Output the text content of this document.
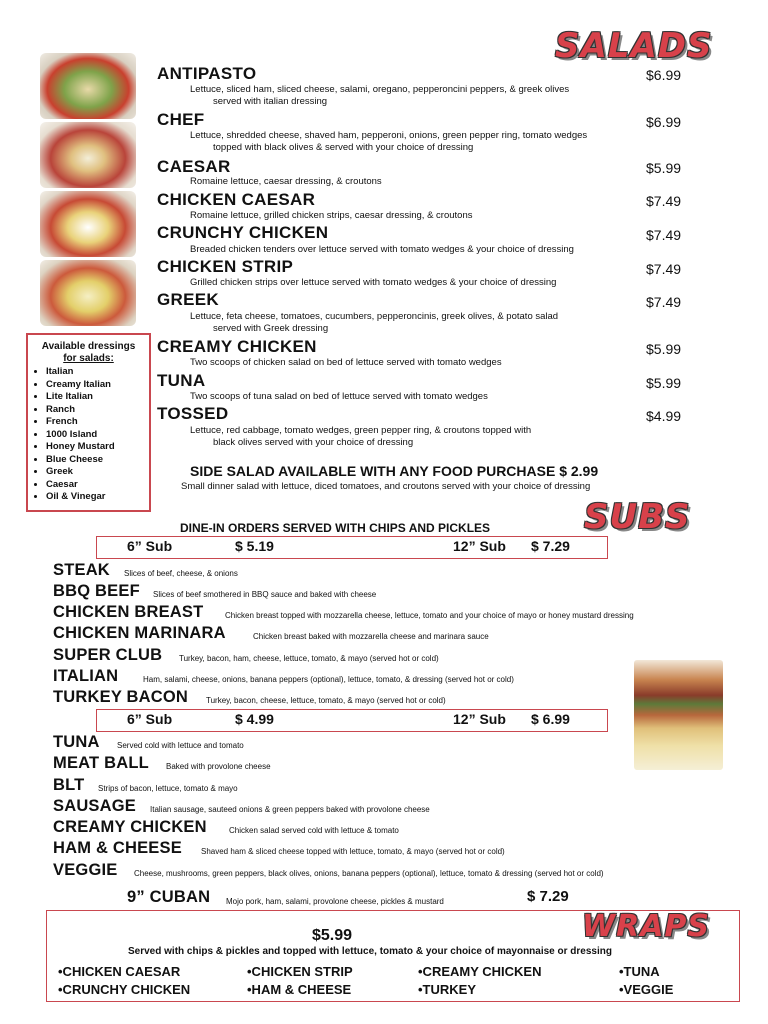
SALADS
Available dressings
for salads:
• Italian
• Creamy Italian
• Lite Italian
• Ranch
• French
• 1000 Island
• Honey Mustard
• Blue Cheese
• Greek
• Caesar
• Oil & Vinegar
ANTIPASTO	$6.99
Lettuce, sliced ham, sliced cheese, salami, oregano, pepperoncini peppers, & greek olives
served with italian dressing
CHEF	$6.99
Lettuce, shredded cheese, shaved ham, pepperoni, onions, green pepper ring, tomato wedges
topped with black olives & served with your choice of dressing
CAESAR	$5.99
Romaine lettuce, caesar dressing, & croutons
CHICKEN CAESAR	$7.49
Romaine lettuce, grilled chicken strips, caesar dressing, & croutons
CRUNCHY CHICKEN	$7.49
Breaded chicken tenders over lettuce served with tomato wedges & your choice of dressing
CHICKEN STRIP	$7.49
Grilled chicken strips over lettuce served with tomato wedges & your choice of dressing
GREEK	$7.49
Lettuce, feta cheese, tomatoes, cucumbers, pepperoncinis, greek olives, & potato salad
served with Greek dressing
CREAMY CHICKEN	$5.99
Two scoops of chicken salad on bed of lettuce served with tomato wedges
TUNA	$5.99
Two scoops of tuna salad on bed of lettuce served with tomato wedges
TOSSED	$4.99
Lettuce, red cabbage, tomato wedges, green pepper ring, & croutons topped with
black olives served with your choice of dressing
SIDE SALAD AVAILABLE WITH ANY FOOD PURCHASE $ 2.99
Small dinner salad with lettuce, diced tomatoes, and croutons served with your choice of dressing
SUBS
DINE-IN ORDERS SERVED WITH CHIPS AND PICKLES
6” Sub	$ 5.19	12” Sub $ 7.29
STEAK Slices of beef, cheese, & onions
BBQ BEEF Slices of beef smothered in BBQ sauce and baked with cheese
CHICKEN BREAST	Chicken breast topped with mozzarella cheese, lettuce, tomato and your choice of mayo or honey mustard dressing
CHICKEN MARINARA	Chicken breast baked with mozzarella cheese and marinara sauce
SUPER CLUB Turkey, bacon, ham, cheese, lettuce, tomato, & mayo (served hot or cold)
ITALIAN	Ham, salami, cheese, onions, banana peppers (optional), lettuce, tomato, & dressing (served hot or cold)
TURKEY BACON Turkey, bacon, cheese, lettuce, tomato, & mayo (served hot or cold)
6” Sub	$ 4.99	12” Sub $ 6.99
TUNA Served cold with lettuce and tomato
MEAT BALL Baked with provolone cheese
BLT Strips of bacon, lettuce, tomato & mayo
SAUSAGE Italian sausage, sauteed onions & green peppers baked with provolone cheese
CREAMY CHICKEN	Chicken salad served cold with lettuce & tomato
HAM & CHEESE Shaved ham & sliced cheese topped with lettuce, tomato, & mayo (served hot or cold)
VEGGIE Cheese, mushrooms, green peppers, black olives, onions, banana peppers (optional), lettuce, tomato & dressing (served hot or cold)
9” CUBAN Mojo pork, ham, salami, provolone cheese, pickles & mustard	$ 7.29
WRAPS
$5.99
Served with chips & pickles and topped with lettuce, tomato & your choice of mayonnaise or dressing
•CHICKEN CAESAR	•CHICKEN STRIP	•CREAMY CHICKEN	•TUNA
•CRUNCHY CHICKEN	•HAM & CHEESE	•TURKEY	•VEGGIE
